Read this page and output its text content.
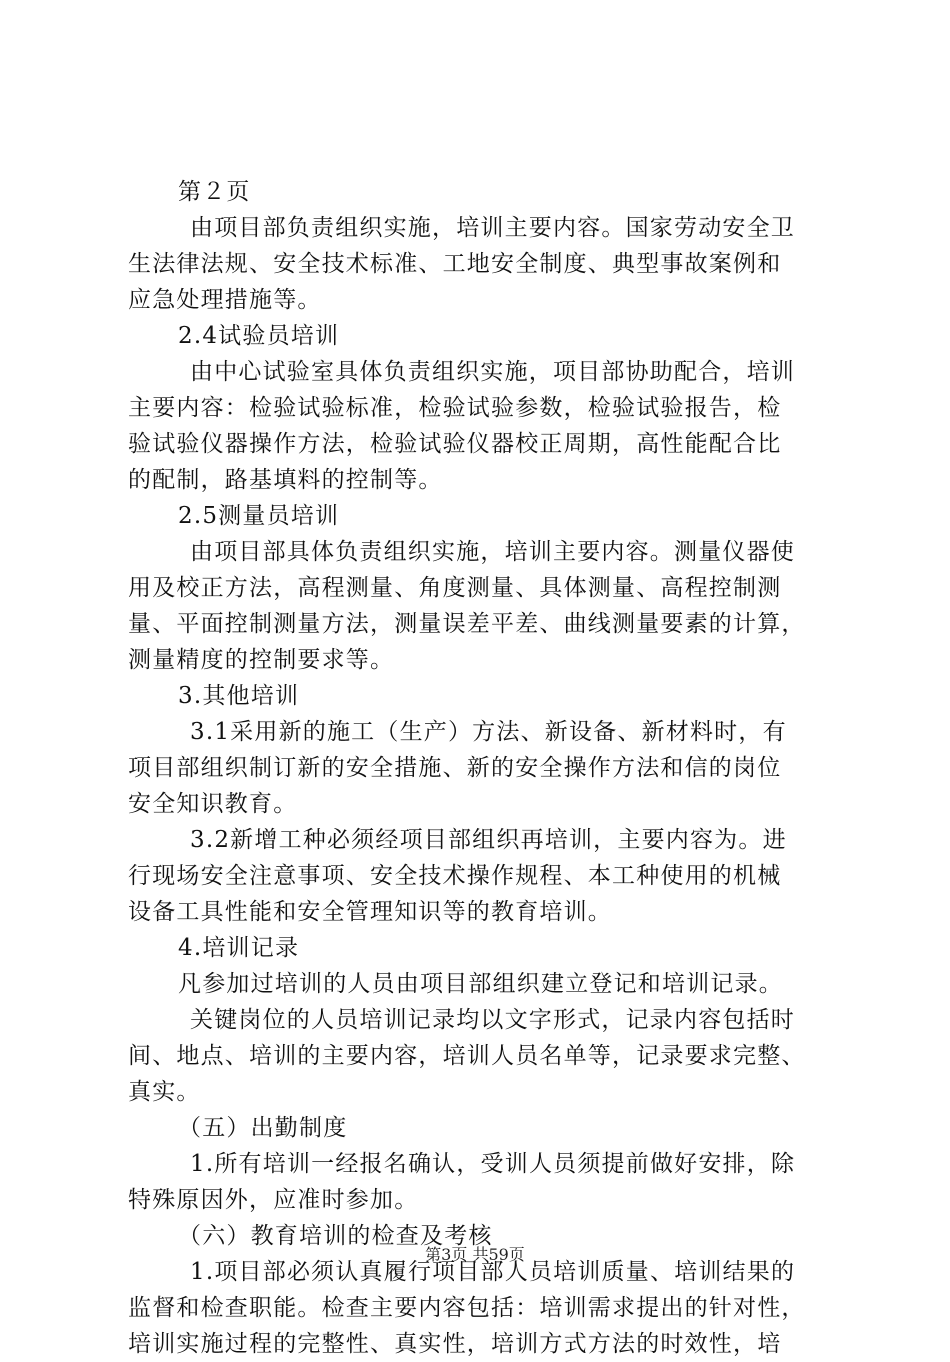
第２页
由项目部负责组织实施，培训主要内容。国家劳动安全卫
生法律法规、安全技术标准、工地安全制度、典型事故案例和
应急处理措施等。
2.4试验员培训
由中心试验室具体负责组织实施，项目部协助配合，培训
主要内容：检验试验标准，检验试验参数，检验试验报告，检
验试验仪器操作方法，检验试验仪器校正周期，高性能配合比
的配制，路基填料的控制等。
2.5测量员培训
由项目部具体负责组织实施，培训主要内容。测量仪器使
用及校正方法，高程测量、角度测量、具体测量、高程控制测
量、平面控制测量方法，测量误差平差、曲线测量要素的计算，
测量精度的控制要求等。
3.其他培训
3.1采用新的施工（生产）方法、新设备、新材料时，有
项目部组织制订新的安全措施、新的安全操作方法和信的岗位
安全知识教育。
3.2新增工种必须经项目部组织再培训，主要内容为。进
行现场安全注意事项、安全技术操作规程、本工种使用的机械
设备工具性能和安全管理知识等的教育培训。
4.培训记录
凡参加过培训的人员由项目部组织建立登记和培训记录。
关键岗位的人员培训记录均以文字形式，记录内容包括时
间、地点、培训的主要内容，培训人员名单等，记录要求完整、
真实。
（五）出勤制度
1.所有培训一经报名确认，受训人员须提前做好安排，除
特殊原因外，应准时参加。
（六）教育培训的检查及考核
1.项目部必须认真履行项目部人员培训质量、培训结果的
监督和检查职能。检查主要内容包括：培训需求提出的针对性，
培训实施过程的完整性、真实性，培训方式方法的时效性，培
第3页 共59页
